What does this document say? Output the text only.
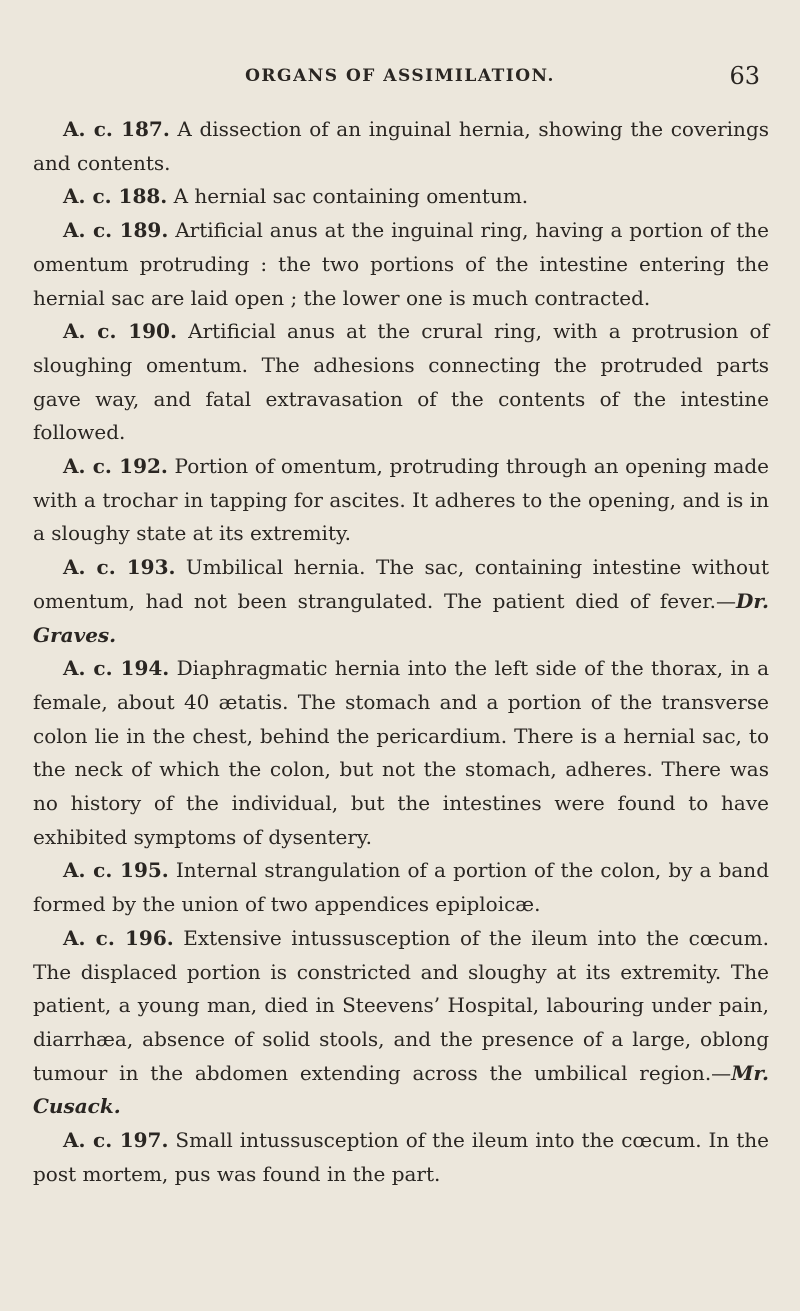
ORGANS OF ASSIMILATION.	63

A. c. 187. A dissection of an inguinal hernia, showing the coverings and contents.

A. c. 188. A hernial sac containing omentum.

A. c. 189. Artificial anus at the inguinal ring, having a portion of the omentum protruding : the two portions of the intestine entering the hernial sac are laid open ; the lower one is much contracted.

A. c. 190. Artificial anus at the crural ring, with a protrusion of sloughing omentum. The adhesions connecting the protruded parts gave way, and fatal extravasation of the contents of the intestine followed.

A. c. 192. Portion of omentum, protruding through an opening made with a trochar in tapping for ascites. It adheres to the opening, and is in a sloughy state at its extremity.

A. c. 193. Umbilical hernia. The sac, containing intestine without omentum, had not been strangulated. The patient died of fever.—Dr. Graves.

A. c. 194. Diaphragmatic hernia into the left side of the thorax, in a female, about 40 ætatis. The stomach and a portion of the transverse colon lie in the chest, behind the pericardium. There is a hernial sac, to the neck of which the colon, but not the stomach, adheres. There was no history of the individual, but the intestines were found to have exhibited symptoms of dysentery.

A. c. 195. Internal strangulation of a portion of the colon, by a band formed by the union of two appendices epiploicæ.

A. c. 196. Extensive intussusception of the ileum into the cœcum. The displaced portion is constricted and sloughy at its extremity. The patient, a young man, died in Steevens’ Hospital, labouring under pain, diarrhæa, absence of solid stools, and the presence of a large, oblong tumour in the abdomen extending across the umbilical region.—Mr. Cusack.

A. c. 197. Small intussusception of the ileum into the cœcum. In the post mortem, pus was found in the part.
